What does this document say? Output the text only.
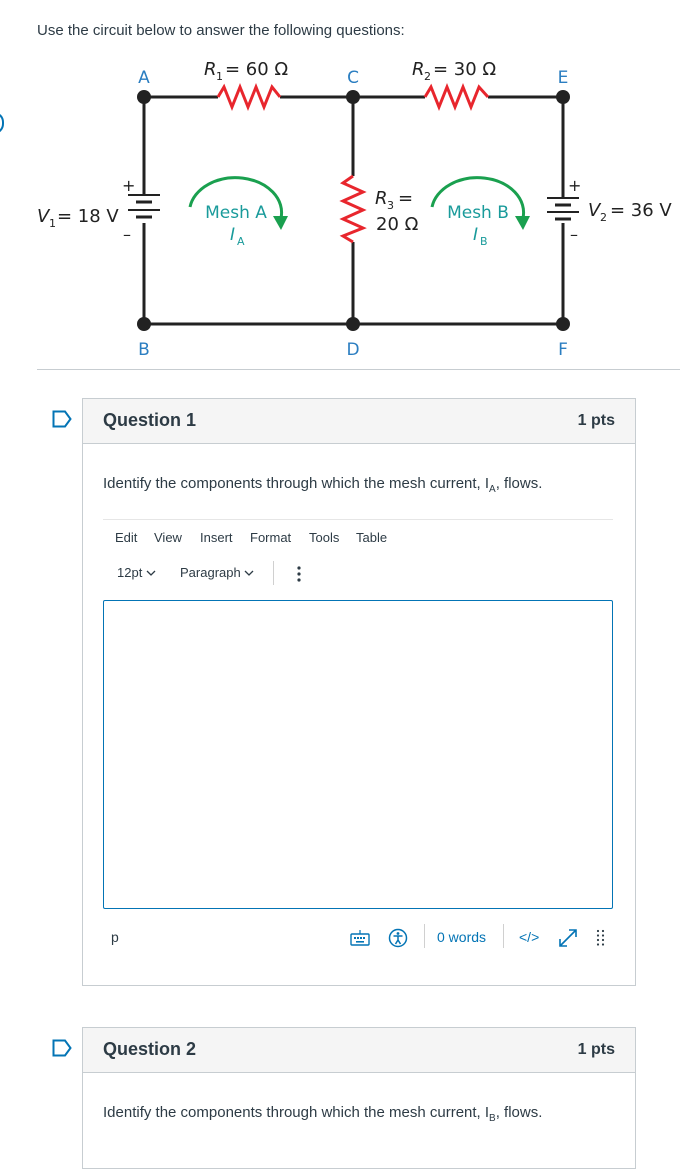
Use the circuit below to answer the following questions:
A
B
C
D
E
F
R 1 = 60 Ω	R 2 = 30 Ω
R 3 =
20 Ω
V 1 = 18 V
+
–
V 2 = 36 V
+
–
Mesh A
I A
Mesh B
I B
Question 1	1 pts
Identify the components through which the mesh current, $I_A$, flows.
Edit View Insert Format Tools Table
12pt	Paragraph
p	0 words </>
Question 2	1 pts
Identify the components through which the mesh current, $I_B$, flows.
